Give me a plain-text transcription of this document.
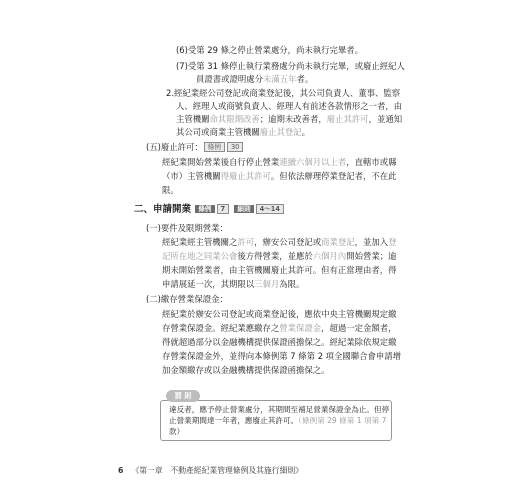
(6)受第 29 條之停止營業處分，尚未執行完畢者。
(7)受第 31 條停止執行業務處分尚未執行完畢，或廢止經紀人
員證書或證明處分未滿五年者。
2.經紀業經公司登記或商業登記後，其公司負責人、董事、監察
人、經理人或商號負責人、經理人有前述各款情形之一者，由
主管機關命其限期改善；逾期未改善者，廢止其許可，並通知
其公司或商業主管機關廢止其登記。
(五)廢止許可： 條例 30
經紀業開始營業後自行停止營業連續六個月以上者，直轄市或縣
（市）主管機關得廢止其許可。但依法辦理停業登記者，不在此
限。
二、申請開業 條例 7 細則 4～14
(一)要件及限期營業：
經紀業經主管機關之許可，辦安公司登記或商業登記，並加入登
記所在地之同業公會後方得營業，並應於六個月內開始營業；逾
期未開始營業者，由主管機關廢止其許可。但有正當理由者，得
申請展延一次，其期限以三個月為限。
(二)繳存營業保證金：
經紀業於辦安公司登記或商業登記後，應依中央主管機關規定繳
存營業保證金。經紀業應繳存之營業保證金，超過一定金額者，
得就超過部分以金融機構提供保證函擔保之。經紀業除依規定繳
存營業保證金外，並得向本條例第 7 條第 2 項全國聯合會申請增
加金額繳存或以金融機構提供保證函擔保之。
違反者，應予停止營業處分，其期間至補足營業保證金為止。但停
止營業期間達一年者，應廢止其許可。（條例第 29 條第 1 項第 7
款）
罰 則
6 《第一章　不動產經紀業管理條例及其施行細則》
